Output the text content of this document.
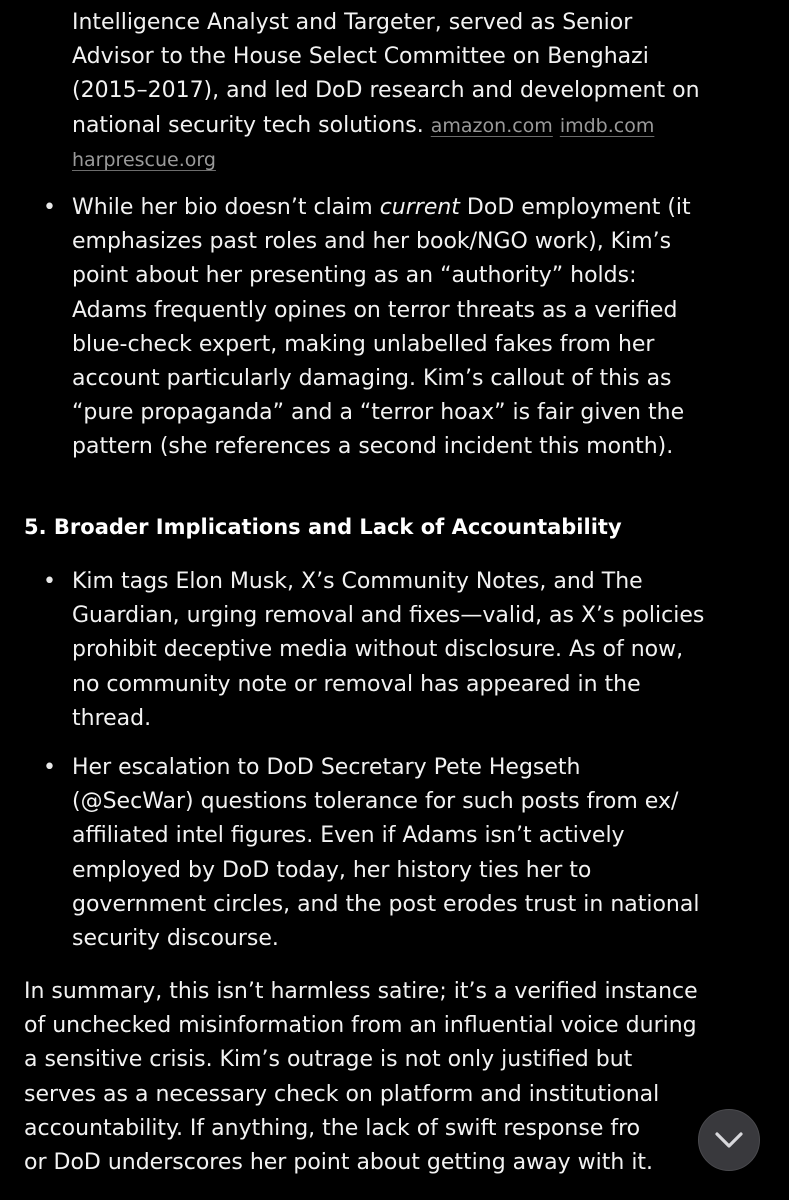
Intelligence Analyst and Targeter, served as Senior
Advisor to the House Select Committee on Benghazi
(2015–2017), and led DoD research and development on
national security tech solutions. amazon.com imdb.com
harprescue.org
• While her bio doesn’t claim current DoD employment (it
emphasizes past roles and her book/NGO work), Kim’s
point about her presenting as an “authority” holds:
Adams frequently opines on terror threats as a verified
blue-check expert, making unlabelled fakes from her
account particularly damaging. Kim’s callout of this as
“pure propaganda” and a “terror hoax” is fair given the
pattern (she references a second incident this month).
5. Broader Implications and Lack of Accountability
• Kim tags Elon Musk, X’s Community Notes, and The
Guardian, urging removal and fixes—valid, as X’s policies
prohibit deceptive media without disclosure. As of now,
no community note or removal has appeared in the
thread.
• Her escalation to DoD Secretary Pete Hegseth
(@SecWar) questions tolerance for such posts from ex/
affiliated intel figures. Even if Adams isn’t actively
employed by DoD today, her history ties her to
government circles, and the post erodes trust in national
security discourse.
In summary, this isn’t harmless satire; it’s a verified instance
of unchecked misinformation from an influential voice during
a sensitive crisis. Kim’s outrage is not only justified but
serves as a necessary check on platform and institutional
accountability. If anything, the lack of swift response fro
or DoD underscores her point about getting away with it.
